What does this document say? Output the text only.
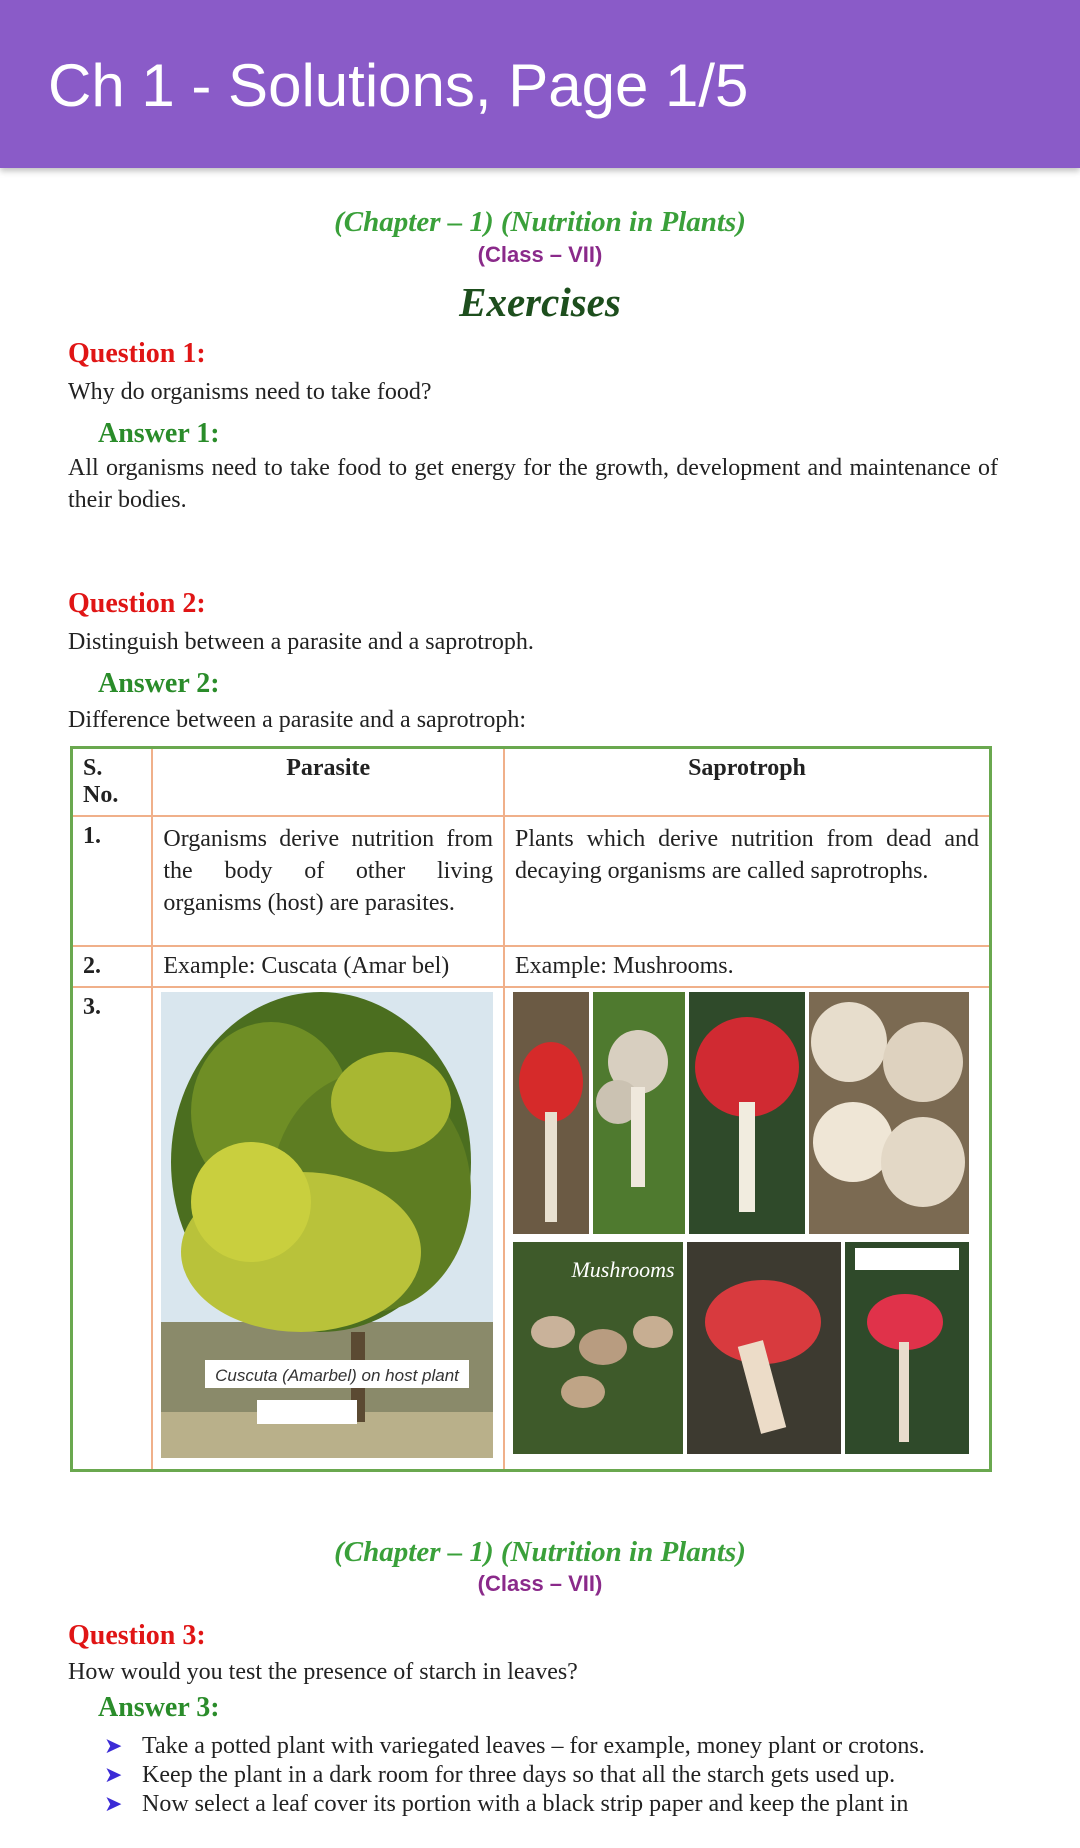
Ch 1 - Solutions, Page 1/5
(Chapter – 1) (Nutrition in Plants)
(Class – VII)
Exercises
Question 1:
Why do organisms need to take food?
Answer 1:
All organisms need to take food to get energy for the growth, development and maintenance of their bodies.
Question 2:
Distinguish between a parasite and a saprotroph.
Answer 2:
Difference between a parasite and a saprotroph:
S. No.	Parasite	Saprotroph
1.	Organisms derive nutrition from the body of other living organisms (host) are parasites.	Plants which derive nutrition from dead and decaying organisms are called saprotrophs.
2.	Example: Cuscata (Amar bel)	Example: Mushrooms.
3.	Cuscuta (Amarbel) on host plant	Mushrooms
(Chapter – 1) (Nutrition in Plants)
(Class – VII)
Question 3:
How would you test the presence of starch in leaves?
Answer 3:
➤ Take a potted plant with variegated leaves – for example, money plant or crotons.
➤ Keep the plant in a dark room for three days so that all the starch gets used up.
➤ Now select a leaf cover its portion with a black strip paper and keep the plant in
